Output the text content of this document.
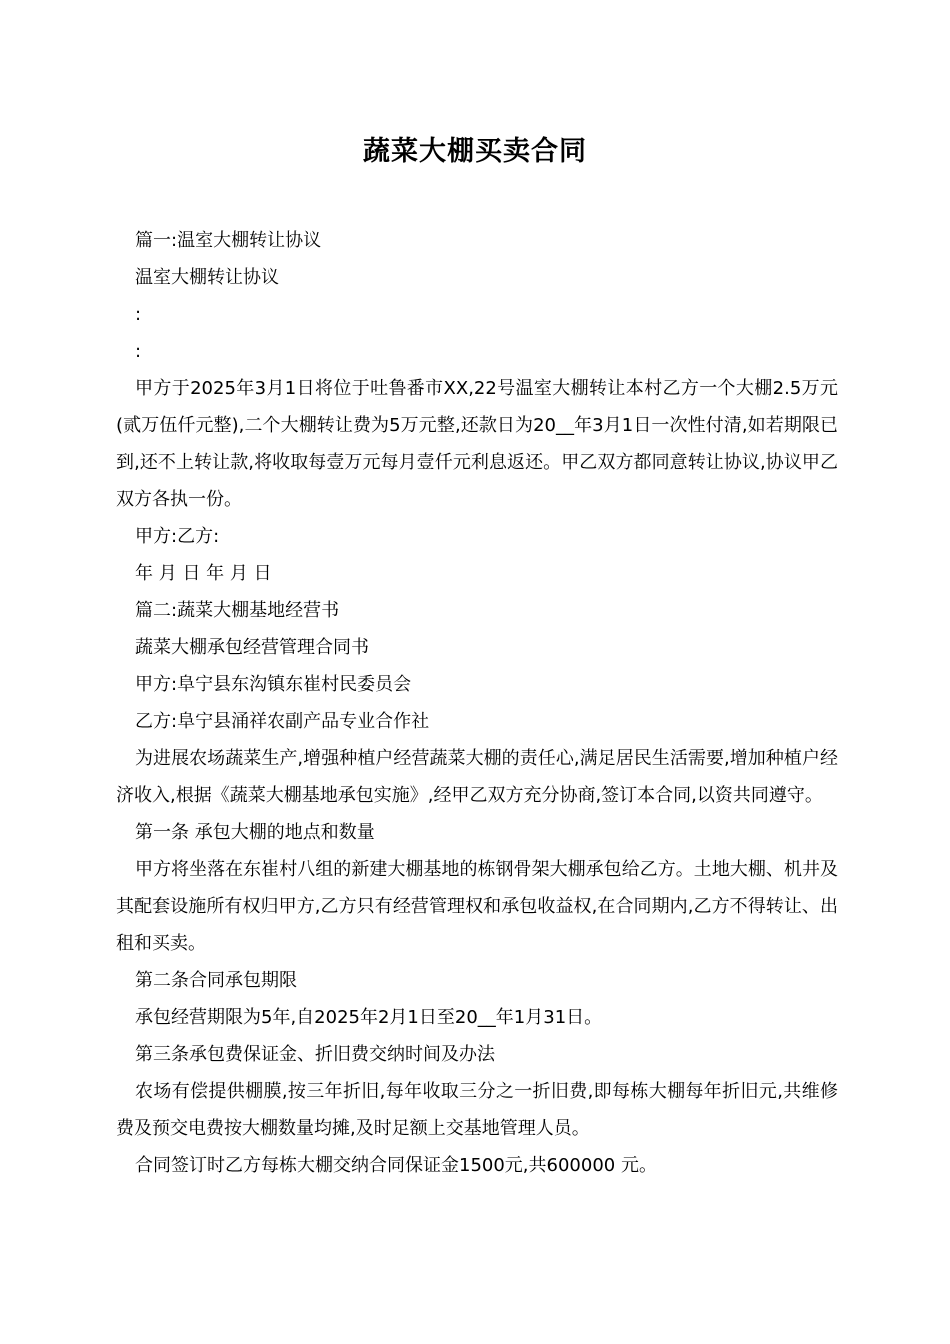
蔬菜大棚买卖合同

篇一:温室大棚转让协议

温室大棚转让协议

:

:

甲方于2025年3月1日将位于吐鲁番市XX,22号温室大棚转让本村乙方一个大棚2.5万元(贰万伍仟元整),二个大棚转让费为5万元整,还款日为20__年3月1日一次性付清,如若期限已到,还不上转让款,将收取每壹万元每月壹仟元利息返还。甲乙双方都同意转让协议,协议甲乙双方各执一份。

甲方:乙方:

年 月 日 年 月 日

篇二:蔬菜大棚基地经营书

蔬菜大棚承包经营管理合同书

甲方:阜宁县东沟镇东崔村民委员会

乙方:阜宁县涌祥农副产品专业合作社

为进展农场蔬菜生产,增强种植户经营蔬菜大棚的责任心,满足居民生活需要,增加种植户经济收入,根据《蔬菜大棚基地承包实施》,经甲乙双方充分协商,签订本合同,以资共同遵守。

第一条 承包大棚的地点和数量

甲方将坐落在东崔村八组的新建大棚基地的栋钢骨架大棚承包给乙方。土地大棚、机井及其配套设施所有权归甲方,乙方只有经营管理权和承包收益权,在合同期内,乙方不得转让、出租和买卖。

第二条合同承包期限

承包经营期限为5年,自2025年2月1日至20__年1月31日。

第三条承包费保证金、折旧费交纳时间及办法

农场有偿提供棚膜,按三年折旧,每年收取三分之一折旧费,即每栋大棚每年折旧元,共维修费及预交电费按大棚数量均摊,及时足额上交基地管理人员。

合同签订时乙方每栋大棚交纳合同保证金1500元,共600000 元。
